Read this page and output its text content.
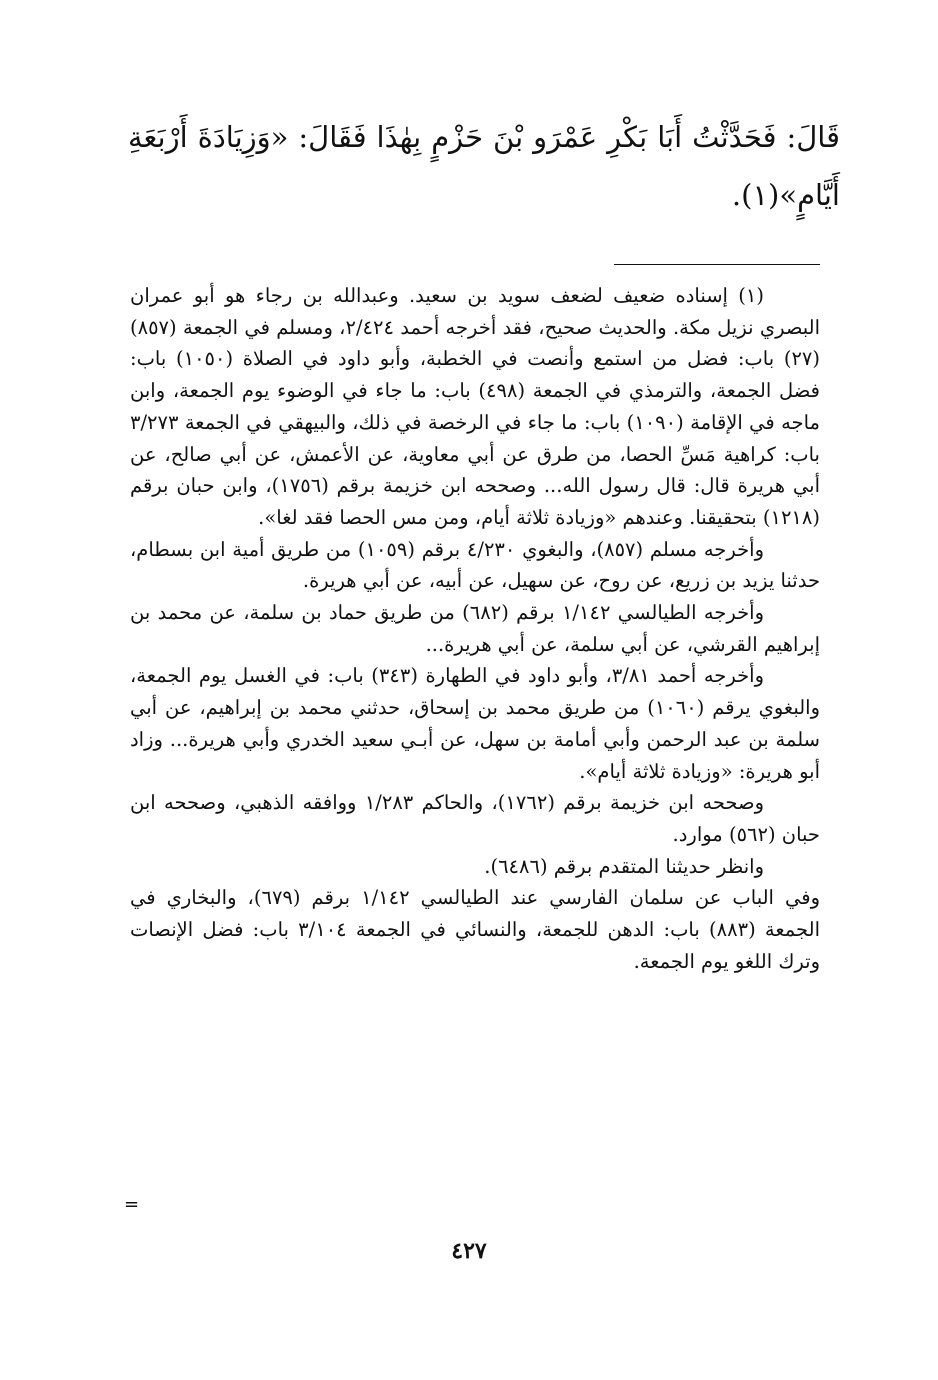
قَالَ: فَحَدَّثْتُ أَبَا بَكْرِ عَمْرَو بْنَ حَزْمٍ بِهٰذَا فَقَالَ: «وَزِيَادَةَ أَرْبَعَةِ أَيَّامٍ»(١).

(١) إسناده ضعيف لضعف سويد بن سعيد. وعبدالله بن رجاء هو أبو عمران البصري نزيل مكة. والحديث صحيح، فقد أخرجه أحمد ٢/٤٢٤، ومسلم في الجمعة (٨٥٧) (٢٧) باب: فضل من استمع وأنصت في الخطبة، وأبو داود في الصلاة (١٠٥٠) باب: فضل الجمعة، والترمذي في الجمعة (٤٩٨) باب: ما جاء في الوضوء يوم الجمعة، وابن ماجه في الإقامة (١٠٩٠) باب: ما جاء في الرخصة في ذلك، والبيهقي في الجمعة ٣/٢٧٣ باب: كراهية مَسِّ الحصا، من طرق عن أبي معاوية، عن الأعمش، عن أبي صالح، عن أبي هريرة قال: قال رسول الله... وصححه ابن خزيمة برقم (١٧٥٦)، وابن حبان برقم (١٢١٨) بتحقيقنا. وعندهم «وزيادة ثلاثة أيام، ومن مس الحصا فقد لغا».

وأخرجه مسلم (٨٥٧)، والبغوي ٤/٢٣٠ برقم (١٠٥٩) من طريق أمية ابن بسطام، حدثنا يزيد بن زريع، عن روح، عن سهيل، عن أبيه، عن أبي هريرة.

وأخرجه الطيالسي ١/١٤٢ برقم (٦٨٢) من طريق حماد بن سلمة، عن محمد بن إبراهيم القرشي، عن أبي سلمة، عن أبي هريرة...

وأخرجه أحمد ٣/٨١، وأبو داود في الطهارة (٣٤٣) باب: في الغسل يوم الجمعة، والبغوي يرقم (١٠٦٠) من طريق محمد بن إسحاق، حدثني محمد بن إبراهيم، عن أبي سلمة بن عبد الرحمن وأبي أمامة بن سهل، عن أبـي سعيد الخدري وأبي هريرة... وزاد أبو هريرة: «وزيادة ثلاثة أيام».

وصححه ابن خزيمة برقم (١٧٦٢)، والحاكم ١/٢٨٣ ووافقه الذهبي، وصححه ابن حبان (٥٦٢) موارد.

وانظر حديثنا المتقدم برقم (٦٤٨٦).

وفي الباب عن سلمان الفارسي عند الطيالسي ١/١٤٢ برقم (٦٧٩)، والبخاري في الجمعة (٨٨٣) باب: الدهن للجمعة، والنسائي في الجمعة ٣/١٠٤ باب: فضل الإنصات وترك اللغو يوم الجمعة.

=
٤٢٧
